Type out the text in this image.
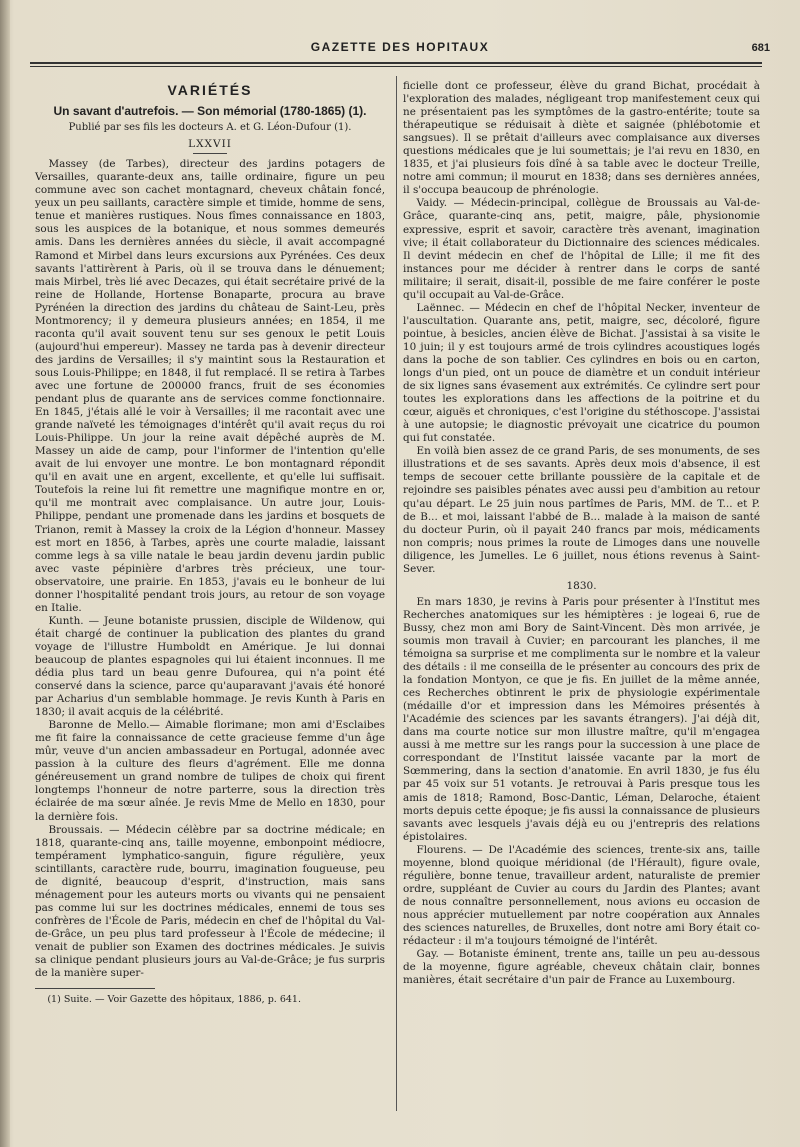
GAZETTE DES HOPITAUX	681
VARIÉTÉS
Un savant d'autrefois. — Son mémorial (1780-1865) (1).
Publié par ses fils les docteurs A. et G. Léon-Dufour (1).
LXXVII

Massey (de Tarbes), directeur des jardins potagers de Versailles, quarante-deux ans, taille ordinaire, figure un peu commune avec son cachet montagnard, cheveux châtain foncé, yeux un peu saillants, caractère simple et timide, homme de sens, tenue et manières rustiques. Nous fîmes connaissance en 1803, sous les auspices de la botanique, et nous sommes demeurés amis. Dans les dernières années du siècle, il avait accompagné Ramond et Mirbel dans leurs excursions aux Pyrénées. Ces deux savants l'attirèrent à Paris, où il se trouva dans le dénuement; mais Mirbel, très lié avec Decazes, qui était secrétaire privé de la reine de Hollande, Hortense Bonaparte, procura au brave Pyrénéen la direction des jardins du château de Saint-Leu, près Montmorency; il y demeura plusieurs années; en 1854, il me raconta qu'il avait souvent tenu sur ses genoux le petit Louis (aujourd'hui empereur). Massey ne tarda pas à devenir directeur des jardins de Versailles; il s'y maintint sous la Restauration et sous Louis-Philippe; en 1848, il fut remplacé. Il se retira à Tarbes avec une fortune de 200000 francs, fruit de ses économies pendant plus de quarante ans de services comme fonctionnaire. En 1845, j'étais allé le voir à Versailles; il me racontait avec une grande naïveté les témoignages d'intérêt qu'il avait reçus du roi Louis-Philippe. Un jour la reine avait dépêché auprès de M. Massey un aide de camp, pour l'informer de l'intention qu'elle avait de lui envoyer une montre. Le bon montagnard répondit qu'il en avait une en argent, excellente, et qu'elle lui suffisait. Toutefois la reine lui fit remettre une magnifique montre en or, qu'il me montrait avec complaisance. Un autre jour, Louis-Philippe, pendant une promenade dans les jardins et bosquets de Trianon, remit à Massey la croix de la Légion d'honneur. Massey est mort en 1856, à Tarbes, après une courte maladie, laissant comme legs à sa ville natale le beau jardin devenu jardin public avec vaste pépinière d'arbres très précieux, une tour-observatoire, une prairie. En 1853, j'avais eu le bonheur de lui donner l'hospitalité pendant trois jours, au retour de son voyage en Italie.

Kunth. — Jeune botaniste prussien, disciple de Wildenow, qui était chargé de continuer la publication des plantes du grand voyage de l'illustre Humboldt en Amérique. Je lui donnai beaucoup de plantes espagnoles qui lui étaient inconnues. Il me dédia plus tard un beau genre Dufourea, qui n'a point été conservé dans la science, parce qu'auparavant j'avais été honoré par Acharius d'un semblable hommage. Je revis Kunth à Paris en 1830; il avait acquis de la célébrité.

Baronne de Mello.— Aimable florimane; mon ami d'Esclaibes me fit faire la connaissance de cette gracieuse femme d'un âge mûr, veuve d'un ancien ambassadeur en Portugal, adonnée avec passion à la culture des fleurs d'agrément. Elle me donna généreusement un grand nombre de tulipes de choix qui firent longtemps l'honneur de notre parterre, sous la direction très éclairée de ma sœur aînée. Je revis Mme de Mello en 1830, pour la dernière fois.

Broussais. — Médecin célèbre par sa doctrine médicale; en 1818, quarante-cinq ans, taille moyenne, embonpoint médiocre, tempérament lymphatico-sanguin, figure régulière, yeux scintillants, caractère rude, bourru, imagination fougueuse, peu de dignité, beaucoup d'esprit, d'instruction, mais sans ménagement pour les auteurs morts ou vivants qui ne pensaient pas comme lui sur les doctrines médicales, ennemi de tous ses confrères de l'École de Paris, médecin en chef de l'hôpital du Val-de-Grâce, un peu plus tard professeur à l'École de médecine; il venait de publier son Examen des doctrines médicales. Je suivis sa clinique pendant plusieurs jours au Val-de-Grâce; je fus surpris de la manière super-

(1) Suite. — Voir Gazette des hôpitaux, 1886, p. 641.

ficielle dont ce professeur, élève du grand Bichat, procédait à l'exploration des malades, négligeant trop manifestement ceux qui ne présentaient pas les symptômes de la gastro-entérite; toute sa thérapeutique se réduisait à diète et saignée (phlébotomie et sangsues). Il se prêtait d'ailleurs avec complaisance aux diverses questions médicales que je lui soumettais; je l'ai revu en 1830, en 1835, et j'ai plusieurs fois dîné à sa table avec le docteur Treille, notre ami commun; il mourut en 1838; dans ses dernières années, il s'occupa beaucoup de phrénologie.

Vaidy. — Médecin-principal, collègue de Broussais au Val-de-Grâce, quarante-cinq ans, petit, maigre, pâle, physionomie expressive, esprit et savoir, caractère très avenant, imagination vive; il était collaborateur du Dictionnaire des sciences médicales. Il devint médecin en chef de l'hôpital de Lille; il me fit des instances pour me décider à rentrer dans le corps de santé militaire; il serait, disait-il, possible de me faire conférer le poste qu'il occupait au Val-de-Grâce.

Laënnec. — Médecin en chef de l'hôpital Necker, inventeur de l'auscultation. Quarante ans, petit, maigre, sec, décoloré, figure pointue, à besicles, ancien élève de Bichat. J'assistai à sa visite le 10 juin; il y est toujours armé de trois cylindres acoustiques logés dans la poche de son tablier. Ces cylindres en bois ou en carton, longs d'un pied, ont un pouce de diamètre et un conduit intérieur de six lignes sans évasement aux extrémités. Ce cylindre sert pour toutes les explorations dans les affections de la poitrine et du cœur, aiguës et chroniques, c'est l'origine du stéthoscope. J'assistai à une autopsie; le diagnostic prévoyait une cicatrice du poumon qui fut constatée.

En voilà bien assez de ce grand Paris, de ses monuments, de ses illustrations et de ses savants. Après deux mois d'absence, il est temps de secouer cette brillante poussière de la capitale et de rejoindre ses paisibles pénates avec aussi peu d'ambition au retour qu'au départ. Le 25 juin nous partîmes de Paris, MM. de T... et P. de B... et moi, laissant l'abbé de B... malade à la maison de santé du docteur Purin, où il payait 240 francs par mois, médicaments non compris; nous primes la route de Limoges dans une nouvelle diligence, les Jumelles. Le 6 juillet, nous étions revenus à Saint-Sever.

1830.

En mars 1830, je revins à Paris pour présenter à l'Institut mes Recherches anatomiques sur les hémiptères : je logeai 6, rue de Bussy, chez mon ami Bory de Saint-Vincent. Dès mon arrivée, je soumis mon travail à Cuvier; en parcourant les planches, il me témoigna sa surprise et me complimenta sur le nombre et la valeur des détails : il me conseilla de le présenter au concours des prix de la fondation Montyon, ce que je fis. En juillet de la même année, ces Recherches obtinrent le prix de physiologie expérimentale (médaille d'or et impression dans les Mémoires présentés à l'Académie des sciences par les savants étrangers). J'ai déjà dit, dans ma courte notice sur mon illustre maître, qu'il m'engagea aussi à me mettre sur les rangs pour la succession à une place de correspondant de l'Institut laissée vacante par la mort de Sœmmering, dans la section d'anatomie. En avril 1830, je fus élu par 45 voix sur 51 votants. Je retrouvai à Paris presque tous les amis de 1818; Ramond, Bosc-Dantic, Léman, Delaroche, étaient morts depuis cette époque; je fis aussi la connaissance de plusieurs savants avec lesquels j'avais déjà eu ou j'entrepris des relations épistolaires.

Flourens. — De l'Académie des sciences, trente-six ans, taille moyenne, blond quoique méridional (de l'Hérault), figure ovale, régulière, bonne tenue, travailleur ardent, naturaliste de premier ordre, suppléant de Cuvier au cours du Jardin des Plantes; avant de nous connaître personnellement, nous avions eu occasion de nous apprécier mutuellement par notre coopération aux Annales des sciences naturelles, de Bruxelles, dont notre ami Bory était co-rédacteur : il m'a toujours témoigné de l'intérêt.

Gay. — Botaniste éminent, trente ans, taille un peu au-dessous de la moyenne, figure agréable, cheveux châtain clair, bonnes manières, était secrétaire d'un pair de France au Luxembourg.
